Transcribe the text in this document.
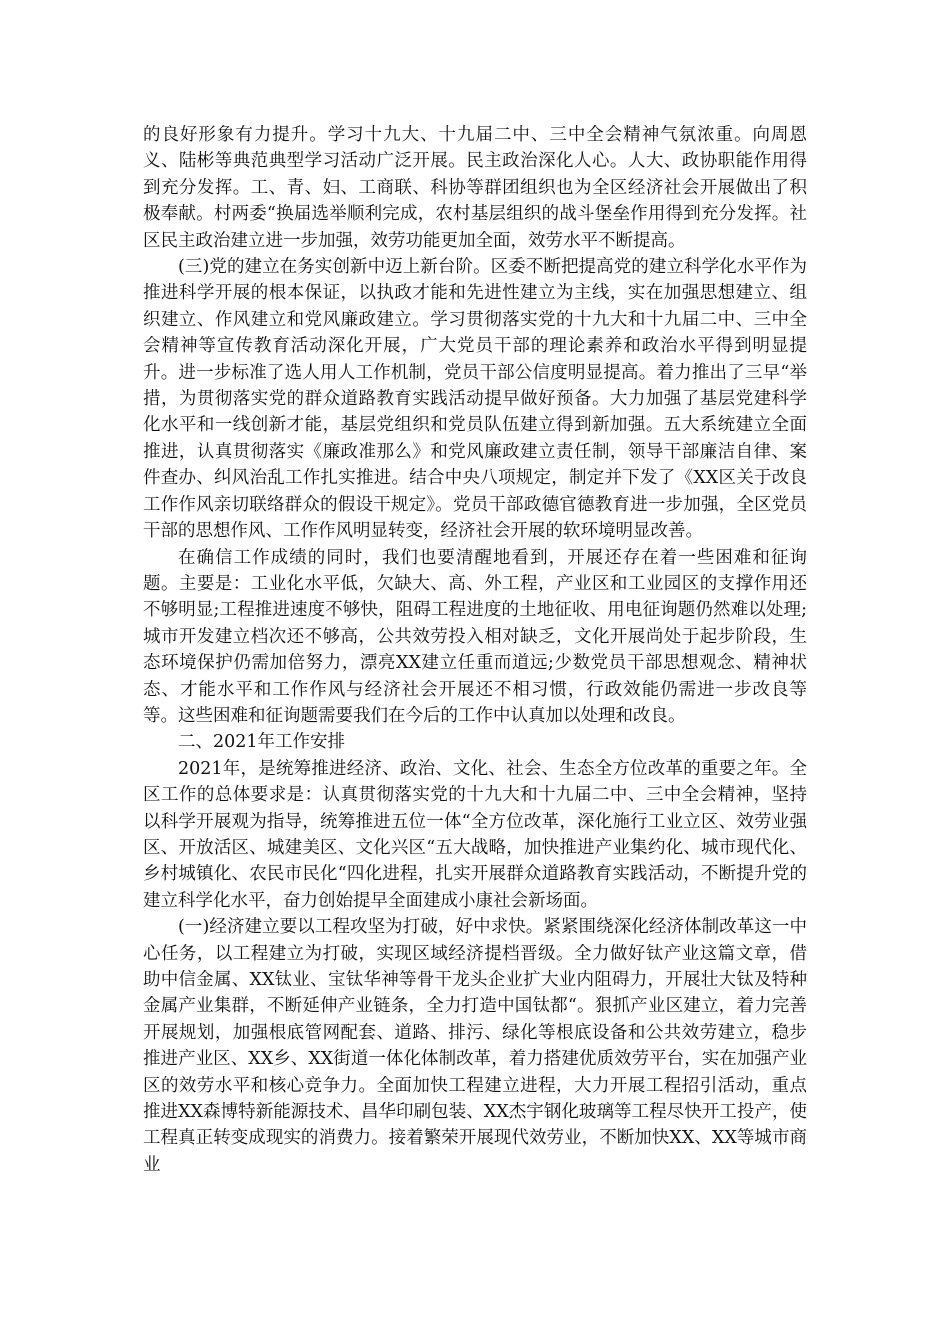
的良好形象有力提升。学习十九大、十九届二中、三中全会精神气氛浓重。向周恩义、陆彬等典范典型学习活动广泛开展。民主政治深化人心。人大、政协职能作用得到充分发挥。工、青、妇、工商联、科协等群团组织也为全区经济社会开展做出了积极奉献。村两委“换届选举顺利完成，农村基层组织的战斗堡垒作用得到充分发挥。社区民主政治建立进一步加强，效劳功能更加全面，效劳水平不断提高。

(三)党的建立在务实创新中迈上新台阶。区委不断把提高党的建立科学化水平作为推进科学开展的根本保证，以执政才能和先进性建立为主线，实在加强思想建立、组织建立、作风建立和党风廉政建立。学习贯彻落实党的十九大和十九届二中、三中全会精神等宣传教育活动深化开展，广大党员干部的理论素养和政治水平得到明显提升。进一步标准了选人用人工作机制，党员干部公信度明显提高。着力推出了三早“举措，为贯彻落实党的群众道路教育实践活动提早做好预备。大力加强了基层党建科学化水平和一线创新才能，基层党组织和党员队伍建立得到新加强。五大系统建立全面推进，认真贯彻落实《廉政准那么》和党风廉政建立责任制，领导干部廉洁自律、案件查办、纠风治乱工作扎实推进。结合中央八项规定，制定并下发了《XX区关于改良工作作风亲切联络群众的假设干规定》。党员干部政德官德教育进一步加强，全区党员干部的思想作风、工作作风明显转变，经济社会开展的软环境明显改善。

在确信工作成绩的同时，我们也要清醒地看到，开展还存在着一些困难和征询题。主要是：工业化水平低，欠缺大、高、外工程，产业区和工业园区的支撑作用还不够明显;工程推进速度不够快，阻碍工程进度的土地征收、用电征询题仍然难以处理;城市开发建立档次还不够高，公共效劳投入相对缺乏，文化开展尚处于起步阶段，生态环境保护仍需加倍努力，漂亮XX建立任重而道远;少数党员干部思想观念、精神状态、才能水平和工作作风与经济社会开展还不相习惯，行政效能仍需进一步改良等等。这些困难和征询题需要我们在今后的工作中认真加以处理和改良。

二、2021年工作安排

2021年，是统筹推进经济、政治、文化、社会、生态全方位改革的重要之年。全区工作的总体要求是：认真贯彻落实党的十九大和十九届二中、三中全会精神，坚持以科学开展观为指导，统筹推进五位一体“全方位改革，深化施行工业立区、效劳业强区、开放活区、城建美区、文化兴区“五大战略，加快推进产业集约化、城市现代化、乡村城镇化、农民市民化“四化进程，扎实开展群众道路教育实践活动，不断提升党的建立科学化水平，奋力创始提早全面建成小康社会新场面。

(一)经济建立要以工程攻坚为打破，好中求快。紧紧围绕深化经济体制改革这一中心任务，以工程建立为打破，实现区域经济提档晋级。全力做好钛产业这篇文章，借助中信金属、XX钛业、宝钛华神等骨干龙头企业扩大业内阻碍力，开展壮大钛及特种金属产业集群，不断延伸产业链条，全力打造中国钛都“。狠抓产业区建立，着力完善开展规划，加强根底管网配套、道路、排污、绿化等根底设备和公共效劳建立，稳步推进产业区、XX乡、XX街道一体化体制改革，着力搭建优质效劳平台，实在加强产业区的效劳水平和核心竞争力。全面加快工程建立进程，大力开展工程招引活动，重点推进XX森博特新能源技术、昌华印刷包装、XX杰宇钢化玻璃等工程尽快开工投产，使工程真正转变成现实的消费力。接着繁荣开展现代效劳业，不断加快XX、XX等城市商业
